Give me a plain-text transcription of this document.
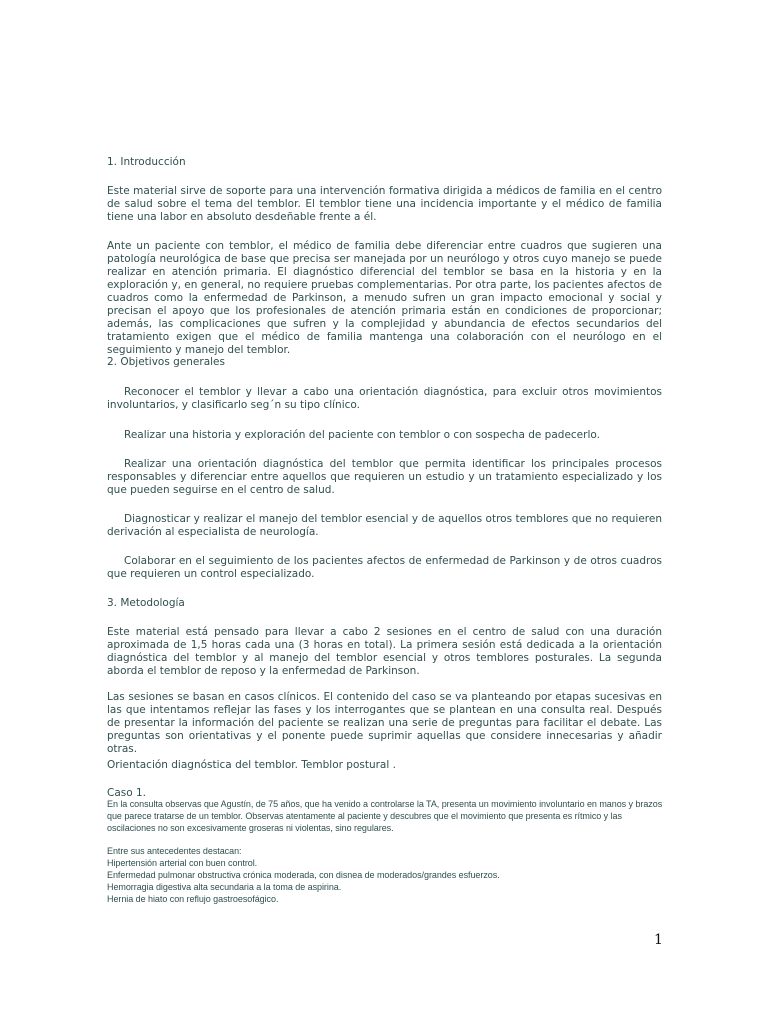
1. Introducción
Este material sirve de soporte para una intervención formativa dirigida a médicos de familia en el centro de salud sobre el tema del temblor. El temblor tiene una incidencia importante y el médico de familia tiene una labor en absoluto desdeñable frente a él.
Ante un paciente con temblor, el médico de familia debe diferenciar entre cuadros que sugieren una patología neurológica de base que precisa ser manejada por un neurólogo y otros cuyo manejo se puede realizar en atención primaria. El diagnóstico diferencial del temblor se basa en la historia y en la exploración y, en general, no requiere pruebas complementarias. Por otra parte, los pacientes afectos de cuadros como la enfermedad de Parkinson, a menudo sufren un gran impacto emocional y social y precisan el apoyo que los profesionales de atención primaria están en condiciones de proporcionar; además, las complicaciones que sufren y la complejidad y abundancia de efectos secundarios del tratamiento exigen que el médico de familia mantenga una colaboración con el neurólogo en el seguimiento y manejo del temblor.
2. Objetivos generales
Reconocer el temblor y llevar a cabo una orientación diagnóstica, para excluir otros movimientos involuntarios, y clasificarlo seg´n su tipo clínico.
Realizar una historia y exploración del paciente con temblor o con sospecha de padecerlo.
Realizar una orientación diagnóstica del temblor que permita identificar los principales procesos responsables y diferenciar entre aquellos que requieren un estudio y un tratamiento especializado y los que pueden seguirse en el centro de salud.
Diagnosticar y realizar el manejo del temblor esencial y de aquellos otros temblores que no requieren derivación al especialista de neurología.
Colaborar en el seguimiento de los pacientes afectos de enfermedad de Parkinson y de otros cuadros que requieren un control especializado.
3. Metodología
Este material está pensado para llevar a cabo 2 sesiones en el centro de salud con una duración aproximada de 1,5 horas cada una (3 horas en total). La primera sesión está dedicada a la orientación diagnóstica del temblor y al manejo del temblor esencial y otros temblores posturales. La segunda aborda el temblor de reposo y la enfermedad de Parkinson.
Las sesiones se basan en casos clínicos. El contenido del caso se va planteando por etapas sucesivas en las que intentamos reflejar las fases y los interrogantes que se plantean en una consulta real. Después de presentar la información del paciente se realizan una serie de preguntas para facilitar el debate. Las preguntas son orientativas y el ponente puede suprimir aquellas que considere innecesarias y añadir otras.
Orientación diagnóstica del temblor. Temblor postural .
Caso 1.
En la consulta observas que Agustín, de 75 años, que ha venido a controlarse la TA, presenta un movimiento involuntario en manos y brazos que parece tratarse de un temblor. Observas atentamente al paciente y descubres que el movimiento que presenta es rítmico y las oscilaciones no son excesivamente groseras ni violentas, sino regulares.
Entre sus antecedentes destacan:
Hipertensión arterial con buen control.
Enfermedad pulmonar obstructiva crónica moderada, con disnea de moderados/grandes esfuerzos.
Hemorragia digestiva alta secundaria a la toma de aspirina.
Hernia de hiato con reflujo gastroesofágico.
1
